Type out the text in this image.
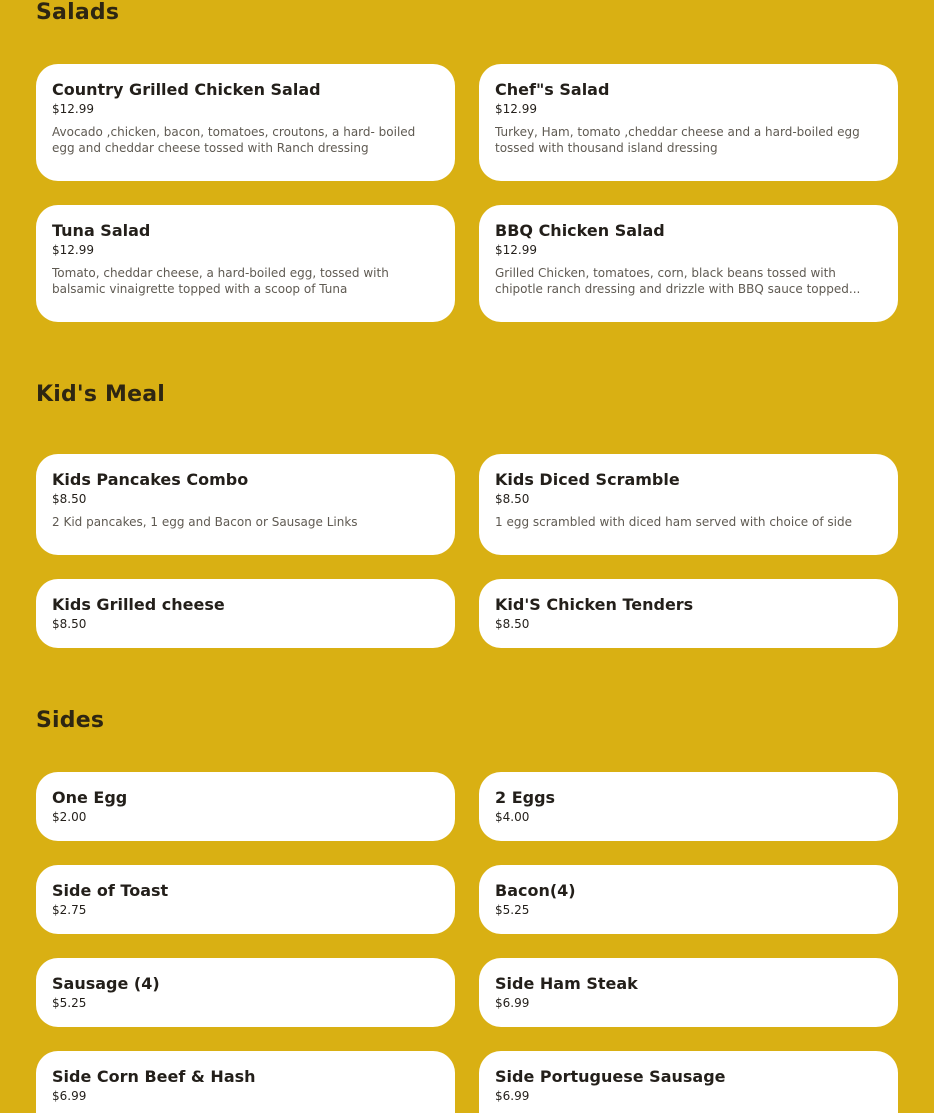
Salads
Country Grilled Chicken Salad
$12.99
Avocado ,chicken, bacon, tomatoes, croutons, a hard- boiled egg and cheddar cheese tossed with Ranch dressing
Chef"s Salad
$12.99
Turkey, Ham, tomato ,cheddar cheese and a hard-boiled egg tossed with thousand island dressing
Tuna Salad
$12.99
Tomato, cheddar cheese, a hard-boiled egg, tossed with balsamic vinaigrette topped with a scoop of Tuna
BBQ Chicken Salad
$12.99
Grilled Chicken, tomatoes, corn, black beans tossed with chipotle ranch dressing and drizzle with BBQ sauce topped...
Kid's Meal
Kids Pancakes Combo
$8.50
2 Kid pancakes, 1 egg and Bacon or Sausage Links
Kids Diced Scramble
$8.50
1 egg scrambled with diced ham served with choice of side
Kids Grilled cheese
$8.50
Kid'S Chicken Tenders
$8.50
Sides
One Egg
$2.00
2 Eggs
$4.00
Side of Toast
$2.75
Bacon(4)
$5.25
Sausage (4)
$5.25
Side Ham Steak
$6.99
Side Corn Beef & Hash
$6.99
Side Portuguese Sausage
$6.99
